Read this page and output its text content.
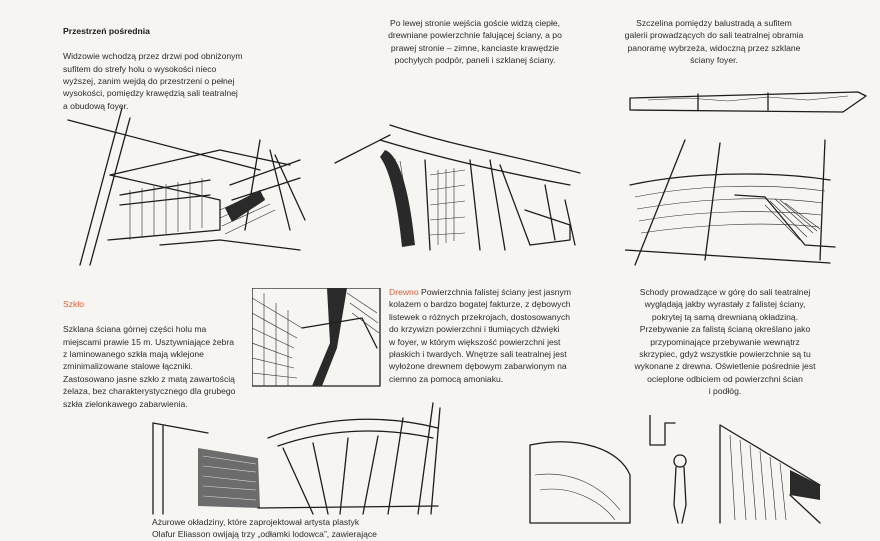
Przestrzeń pośrednia

Widzowie wchodzą przez drzwi pod obniżonym
sufitem do strefy holu o wysokości nieco
wyższej, zanim wejdą do przestrzeni o pełnej
wysokości, pomiędzy krawędzią sali teatralnej
a obudową foyer.

Po lewej stronie wejścia goście widzą ciepłe,
drewniane powierzchnie falującej ściany, a po
prawej stronie – zimne, kanciaste krawędzie
pochyłych podpór, paneli i szklanej ściany.
Szczelina pomiędzy balustradą a sufitem
galerii prowadzących do sali teatralnej obramia
panoramę wybrzeża, widoczną przez szklane
ściany foyer.

Szkło

Szklana ściana górnej części holu ma
miejscami prawie 15 m. Usztywniające żebra
z laminowanego szkła mają wklejone
zminimalizowane stalowe łączniki.
Zastosowano jasne szkło z matą zawartością
żelaza, bez charakterystycznego dla grubego
szkła zielonkawego zabarwienia.

Drewno Powierzchnia falistej ściany jest jasnym
kolażem o bardzo bogatej fakturze, z dębowych
listewek o różnych przekrojach, dostosowanych
do krzywizn powierzchni i tłumiących dźwięki
w foyer, w którym większość powierzchni jest
płaskich i twardych. Wnętrze sali teatralnej jest
wyłożone drewnem dębowym zabarwionym na
ciemno za pomocą amoniaku.
Schody prowadzące w górę do sali teatralnej
wyglądają jakby wyrastały z falistej ściany,
pokrytej tą samą drewnianą okładziną.
Przebywanie za falistą ścianą określano jako
przypominające przebywanie wewnątrz
skrzypiec, gdyż wszystkie powierzchnie są tu
wykonane z drewna. Oświetlenie pośrednie jest
ocieplone odbiciem od powierzchni ścian
i podłóg.
Ażurowe okładziny, które zaprojektował artysta plastyk
Olafur Eliasson owijają trzy „odłamki lodowca”, zawierające
